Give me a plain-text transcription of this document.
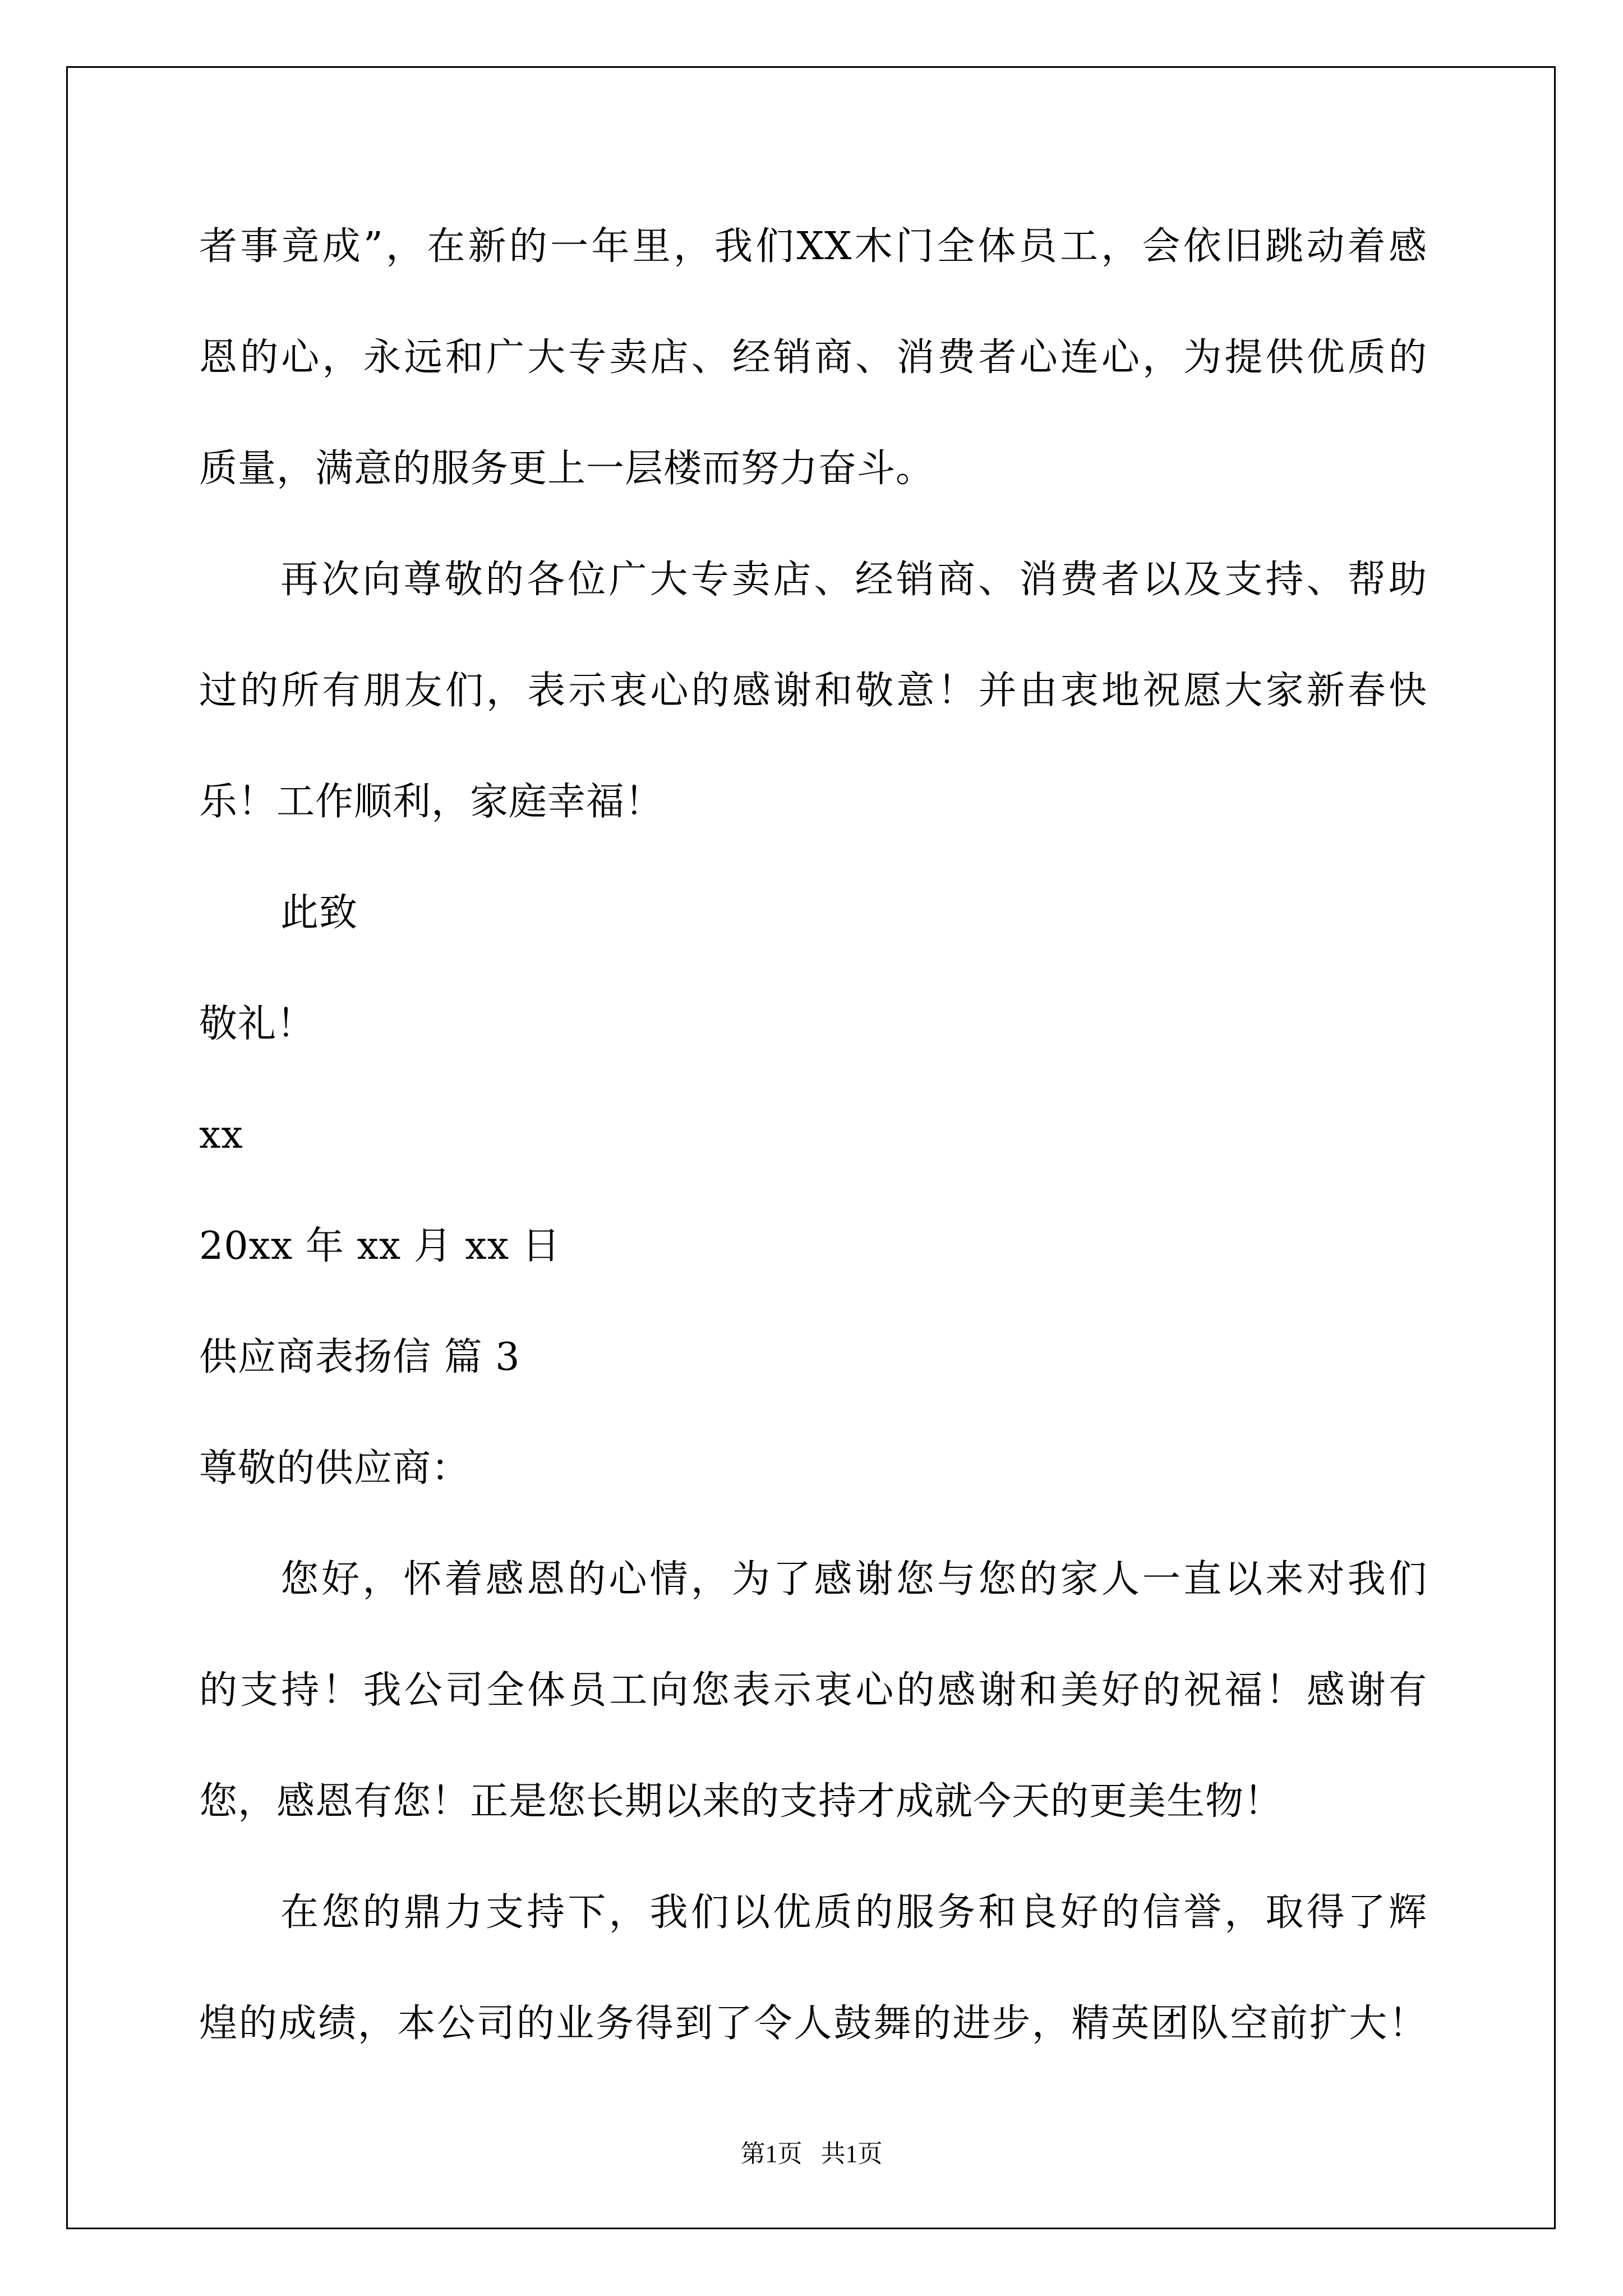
者事竟成”，在新的一年里，我们XX木门全体员工，会依旧跳动着感

恩的心，永远和广大专卖店、经销商、消费者心连心，为提供优质的

质量，满意的服务更上一层楼而努力奋斗。

再次向尊敬的各位广大专卖店、经销商、消费者以及支持、帮助

过的所有朋友们，表示衷心的感谢和敬意！并由衷地祝愿大家新春快

乐！工作顺利，家庭幸福！

此致

敬礼！

xx

20xx 年 xx 月 xx 日

供应商表扬信 篇 3

尊敬的供应商：

您好，怀着感恩的心情，为了感谢您与您的家人一直以来对我们

的支持！我公司全体员工向您表示衷心的感谢和美好的祝福！感谢有

您，感恩有您！正是您长期以来的支持才成就今天的更美生物！

在您的鼎力支持下，我们以优质的服务和良好的信誉，取得了辉

煌的成绩，本公司的业务得到了令人鼓舞的进步，精英团队空前扩大！

第1页   共1页
